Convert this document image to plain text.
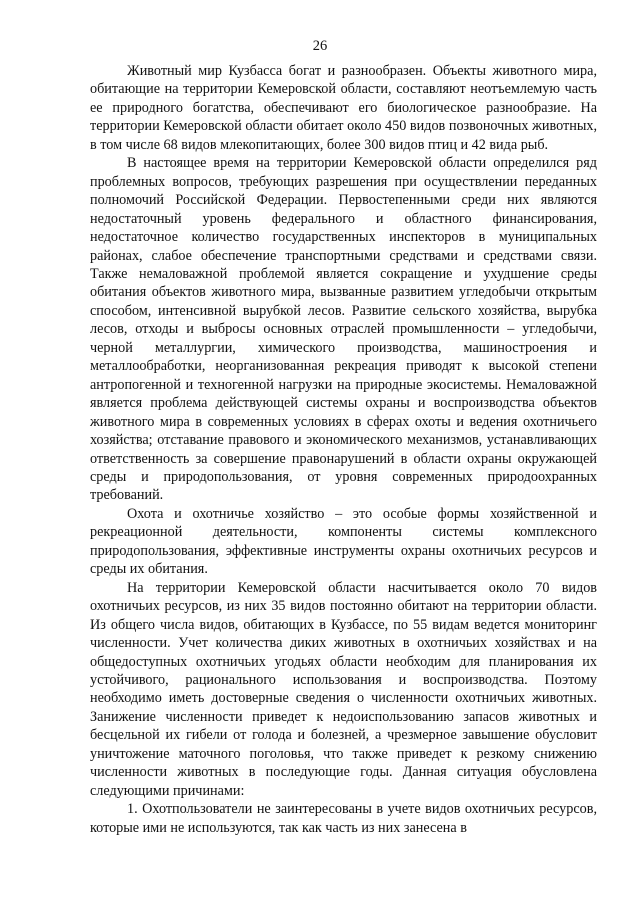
26

Животный мир Кузбасса богат и разнообразен. Объекты животного мира, обитающие на территории Кемеровской области, составляют неотъемлемую часть ее природного богатства, обеспечивают его биологическое разнообразие. На территории Кемеровской области обитает около 450 видов позвоночных животных, в том числе 68 видов млекопитающих, более 300 видов птиц и 42 вида рыб.

В настоящее время на территории Кемеровской области определился ряд проблемных вопросов, требующих разрешения при осуществлении переданных полномочий Российской Федерации. Первостепенными среди них являются недостаточный уровень федерального и областного финансирования, недостаточное количество государственных инспекторов в муниципальных районах, слабое обеспечение транспортными средствами и средствами связи. Также немаловажной проблемой является сокращение и ухудшение среды обитания объектов животного мира, вызванные развитием угледобычи открытым способом, интенсивной вырубкой лесов. Развитие сельского хозяйства, вырубка лесов, отходы и выбросы основных отраслей промышленности – угледобычи, черной металлургии, химического производства, машиностроения и металлообработки, неорганизованная рекреация приводят к высокой степени антропогенной и техногенной нагрузки на природные экосистемы. Немаловажной является проблема действующей системы охраны и воспроизводства объектов животного мира в современных условиях в сферах охоты и ведения охотничьего хозяйства; отставание правового и экономического механизмов, устанавливающих ответственность за совершение правонарушений в области охраны окружающей среды и природопользования, от уровня современных природоохранных требований.

Охота и охотничье хозяйство – это особые формы хозяйственной и рекреационной деятельности, компоненты системы комплексного природопользования, эффективные инструменты охраны охотничьих ресурсов и среды их обитания.

На территории Кемеровской области насчитывается около 70 видов охотничьих ресурсов, из них 35 видов постоянно обитают на территории области. Из общего числа видов, обитающих в Кузбассе, по 55 видам ведется мониторинг численности. Учет количества диких животных в охотничьих хозяйствах и на общедоступных охотничьих угодьях области необходим для планирования их устойчивого, рационального использования и воспроизводства. Поэтому необходимо иметь достоверные сведения о численности охотничьих животных. Занижение численности приведет к недоиспользованию запасов животных и бесцельной их гибели от голода и болезней, а чрезмерное завышение обусловит уничтожение маточного поголовья, что также приведет к резкому снижению численности животных в последующие годы. Данная ситуация обусловлена следующими причинами:

1. Охотпользователи не заинтересованы в учете видов охотничьих ресурсов, которые ими не используются, так как часть из них занесена в
